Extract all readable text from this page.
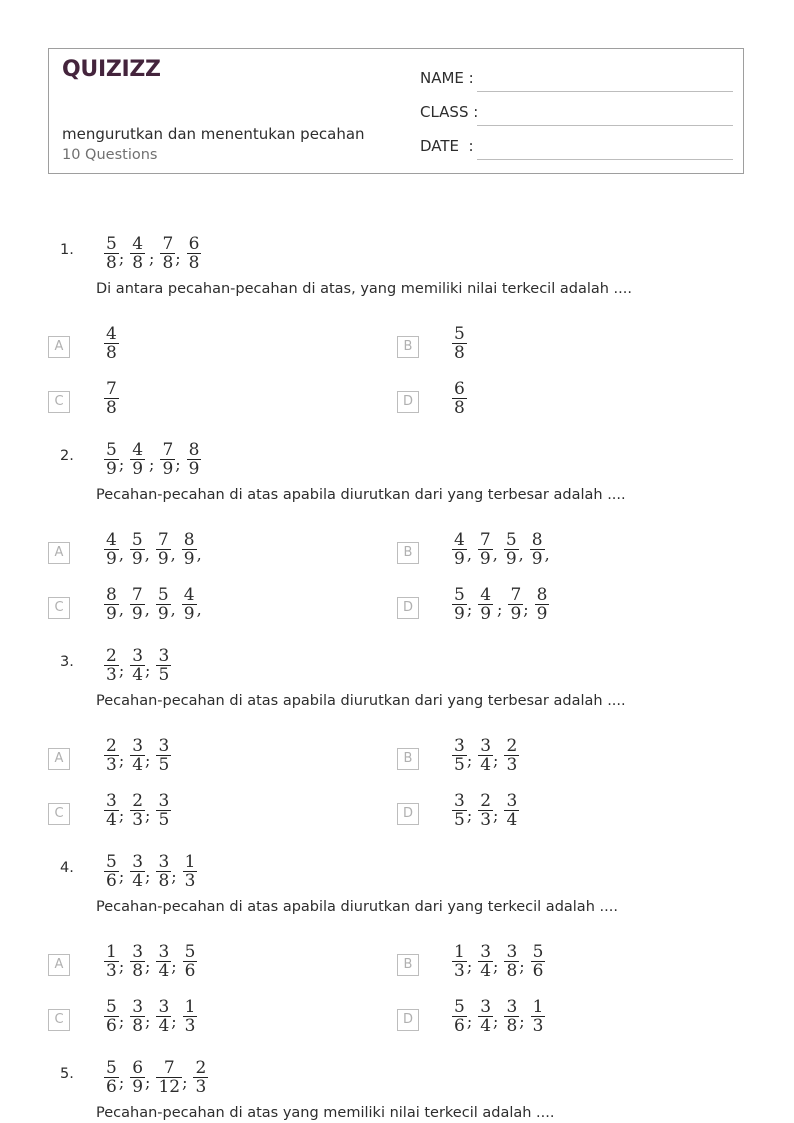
QUIZIZZ
mengurutkan dan menentukan pecahan
10 Questions
NAME :
CLASS :
DATE  :
1. $\frac{5}{8}$ ; $\frac{4}{8}$ ; $\frac{7}{8}$ ; $\frac{6}{8}$
Di antara pecahan-pecahan di atas, yang memiliki nilai terkecil adalah ....
A	$\frac{4}{8}$	B	$\frac{5}{8}$
C	$\frac{7}{8}$	D	$\frac{6}{8}$
2. $\frac{5}{9}$ ; $\frac{4}{9}$ ; $\frac{7}{9}$ ; $\frac{8}{9}$
Pecahan-pecahan di atas apabila diurutkan dari yang terbesar adalah ....
A	$\frac{4}{9}$ , $\frac{5}{9}$ , $\frac{7}{9}$ , $\frac{8}{9}$ ,	B	$\frac{4}{9}$ , $\frac{7}{9}$ , $\frac{5}{9}$ , $\frac{8}{9}$ ,
C	$\frac{8}{9}$ , $\frac{7}{9}$ , $\frac{5}{9}$ , $\frac{4}{9}$ ,	D	$\frac{5}{9}$ ; $\frac{4}{9}$ ; $\frac{7}{9}$ ; $\frac{8}{9}$
3. $\frac{2}{3}$ ; $\frac{3}{4}$ ; $\frac{3}{5}$
Pecahan-pecahan di atas apabila diurutkan dari yang terbesar adalah ....
A	$\frac{2}{3}$ ; $\frac{3}{4}$ ; $\frac{3}{5}$	B	$\frac{3}{5}$ ; $\frac{3}{4}$ ; $\frac{2}{3}$
C	$\frac{3}{4}$ ; $\frac{2}{3}$ ; $\frac{3}{5}$	D	$\frac{3}{5}$ ; $\frac{2}{3}$ ; $\frac{3}{4}$
4. $\frac{5}{6}$ ; $\frac{3}{4}$ ; $\frac{3}{8}$ ; $\frac{1}{3}$
Pecahan-pecahan di atas apabila diurutkan dari yang terkecil adalah ....
A	$\frac{1}{3}$ ; $\frac{3}{8}$ ; $\frac{3}{4}$ ; $\frac{5}{6}$	B	$\frac{1}{3}$ ; $\frac{3}{4}$ ; $\frac{3}{8}$ ; $\frac{5}{6}$
C	$\frac{5}{6}$ ; $\frac{3}{8}$ ; $\frac{3}{4}$ ; $\frac{1}{3}$	D	$\frac{5}{6}$ ; $\frac{3}{4}$ ; $\frac{3}{8}$ ; $\frac{1}{3}$
5. $\frac{5}{6}$ ; $\frac{6}{9}$ ; $\frac{7}{12}$ ; $\frac{2}{3}$
Pecahan-pecahan di atas yang memiliki nilai terkecil adalah ....
